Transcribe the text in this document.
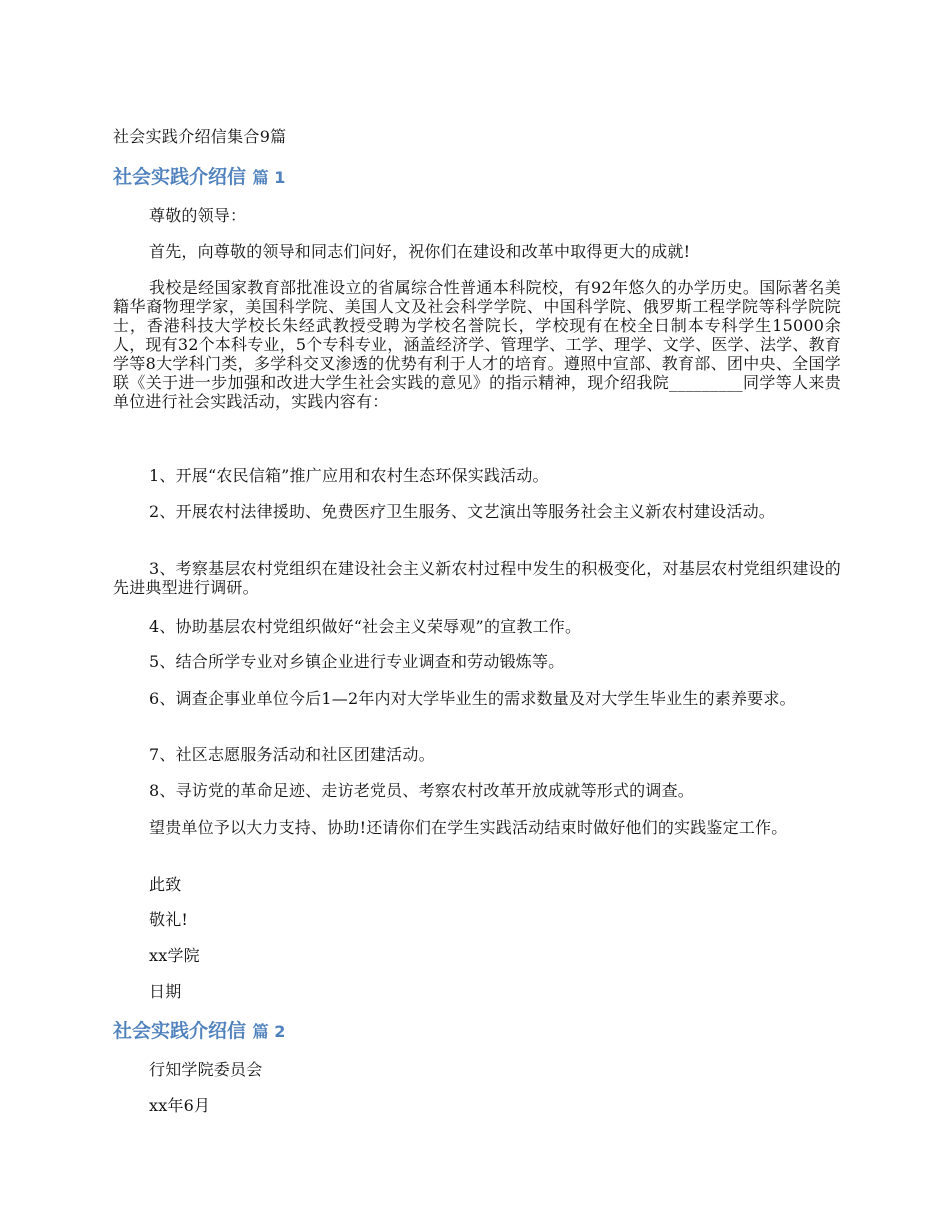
社会实践介绍信集合9篇
社会实践介绍信 篇 1
尊敬的领导：
首先，向尊敬的领导和同志们问好，祝你们在建设和改革中取得更大的成就!
我校是经国家教育部批准设立的省属综合性普通本科院校，有92年悠久的办学历史。国际著名美籍华裔物理学家，美国科学院、美国人文及社会科学学院、中国科学院、俄罗斯工程学院等科学院院士，香港科技大学校长朱经武教授受聘为学校名誉院长，学校现有在校全日制本专科学生15000余人，现有32个本科专业，5个专科专业，涵盖经济学、管理学、工学、理学、文学、医学、法学、教育学等8大学科门类，多学科交叉渗透的优势有利于人才的培育。遵照中宣部、教育部、团中央、全国学联《关于进一步加强和改进大学生社会实践的意见》的指示精神，现介绍我院_________同学等人来贵单位进行社会实践活动，实践内容有：
1、开展“农民信箱”推广应用和农村生态环保实践活动。
2、开展农村法律援助、免费医疗卫生服务、文艺演出等服务社会主义新农村建设活动。
3、考察基层农村党组织在建设社会主义新农村过程中发生的积极变化，对基层农村党组织建设的先进典型进行调研。
4、协助基层农村党组织做好“社会主义荣辱观”的宣教工作。
5、结合所学专业对乡镇企业进行专业调查和劳动锻炼等。
6、调查企事业单位今后1—2年内对大学毕业生的需求数量及对大学生毕业生的素养要求。
7、社区志愿服务活动和社区团建活动。
8、寻访党的革命足迹、走访老党员、考察农村改革开放成就等形式的调查。
望贵单位予以大力支持、协助!还请你们在学生实践活动结束时做好他们的实践鉴定工作。
此致
敬礼!
xx学院
日期
社会实践介绍信 篇 2
行知学院委员会
xx年6月
